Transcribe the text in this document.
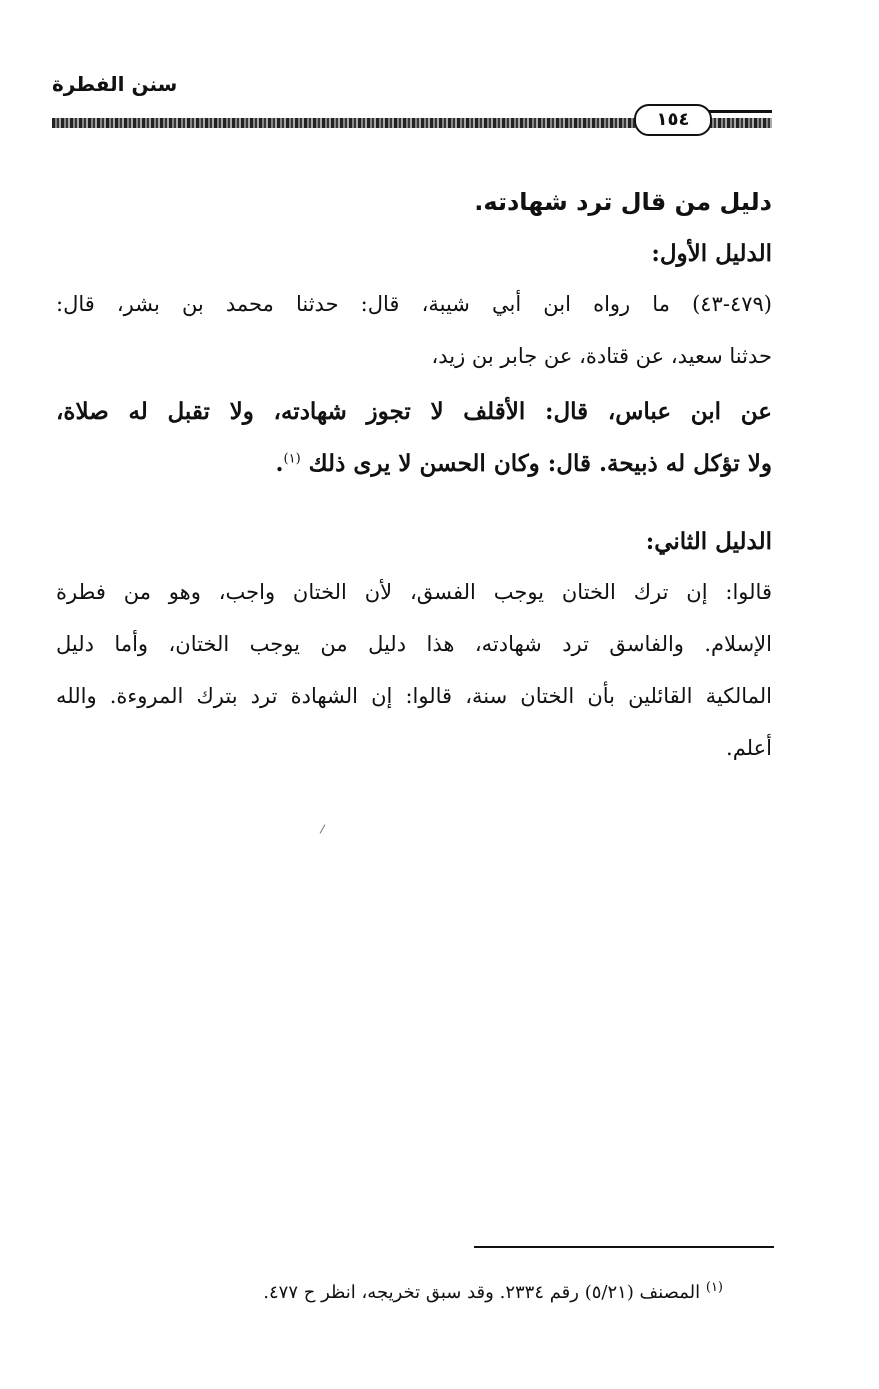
سنن الفطرة
١٥٤
دليل من قال ترد شهادته.
الدليل الأول:
(٤٧٩-٤٣) ما رواه ابن أبي شيبة، قال: حدثنا محمد بن بشر، قال:
حدثنا سعيد، عن قتادة، عن جابر بن زيد،
عن ابن عباس، قال: الأقلف لا تجوز شهادته، ولا تقبل له صلاة،
ولا تؤكل له ذبيحة. قال: وكان الحسن لا يرى ذلك $^{(١)}$.
الدليل الثاني:
قالوا: إن ترك الختان يوجب الفسق، لأن الختان واجب، وهو من فطرة
الإسلام. والفاسق ترد شهادته، هذا دليل من يوجب الختان، وأما دليل
المالكية القائلين بأن الختان سنة، قالوا: إن الشهادة ترد بترك المروءة. والله
أعلم.
$^{(١)}$ المصنف (٥/٢١) رقم ٢٣٣٤. وقد سبق تخريجه، انظر ح ٤٧٧.
